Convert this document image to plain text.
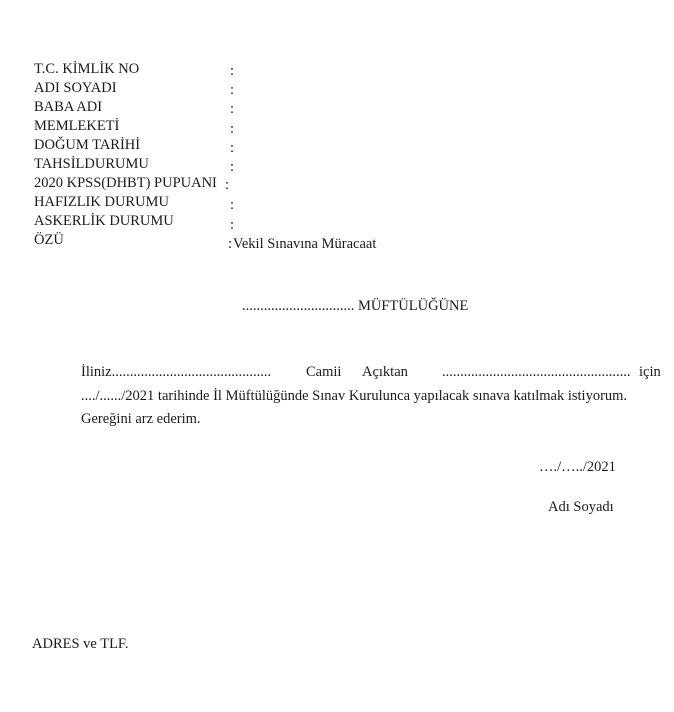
T.C. KİMLİK NO	:
ADI SOYADI	:
BABA ADI	:
MEMLEKETİ	:
DOĞUM TARİHİ	:
TAHSİLDURUMU	:
2020 KPSS(DHBT) PUPUANI :
HAFIZLIK DURUMU	:
ASKERLİK DURUMU	:
ÖZÜ	: Vekil Sınavına Müracaat
............................... MÜFTÜLÜĞÜNE
İliniz............................................ Camii Açıktan .................................................... için
..../....../2021 tarihinde İl Müftülüğünde Sınav Kurulunca yapılacak sınava katılmak istiyorum.
Gereğini arz ederim.
…./…../2021
Adı Soyadı
ADRES ve TLF.
